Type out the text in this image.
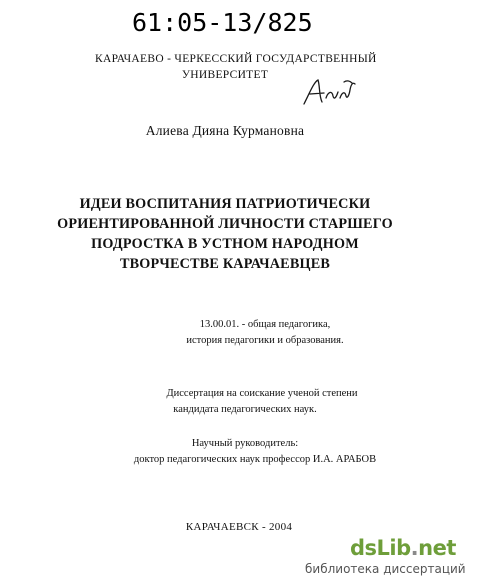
61:05-13/825
КАРАЧАЕВО - ЧЕРКЕССКИЙ ГОСУДАРСТВЕННЫЙ
УНИВЕРСИТЕТ
Алиева Дияна Курмановна
ИДЕИ ВОСПИТАНИЯ ПАТРИОТИЧЕСКИ
ОРИЕНТИРОВАННОЙ ЛИЧНОСТИ СТАРШЕГО
ПОДРОСТКА В УСТНОМ НАРОДНОМ
ТВОРЧЕСТВЕ КАРАЧАЕВЦЕВ
13.00.01. - общая педагогика,
история педагогики и образования.
Диссертация на соискание ученой степени
кандидата педагогических наук.
Научный руководитель:
доктор педагогических наук профессор И.А. АРАБОВ
КАРАЧАЕВСК - 2004
dsLib.net
библиотека диссертаций
